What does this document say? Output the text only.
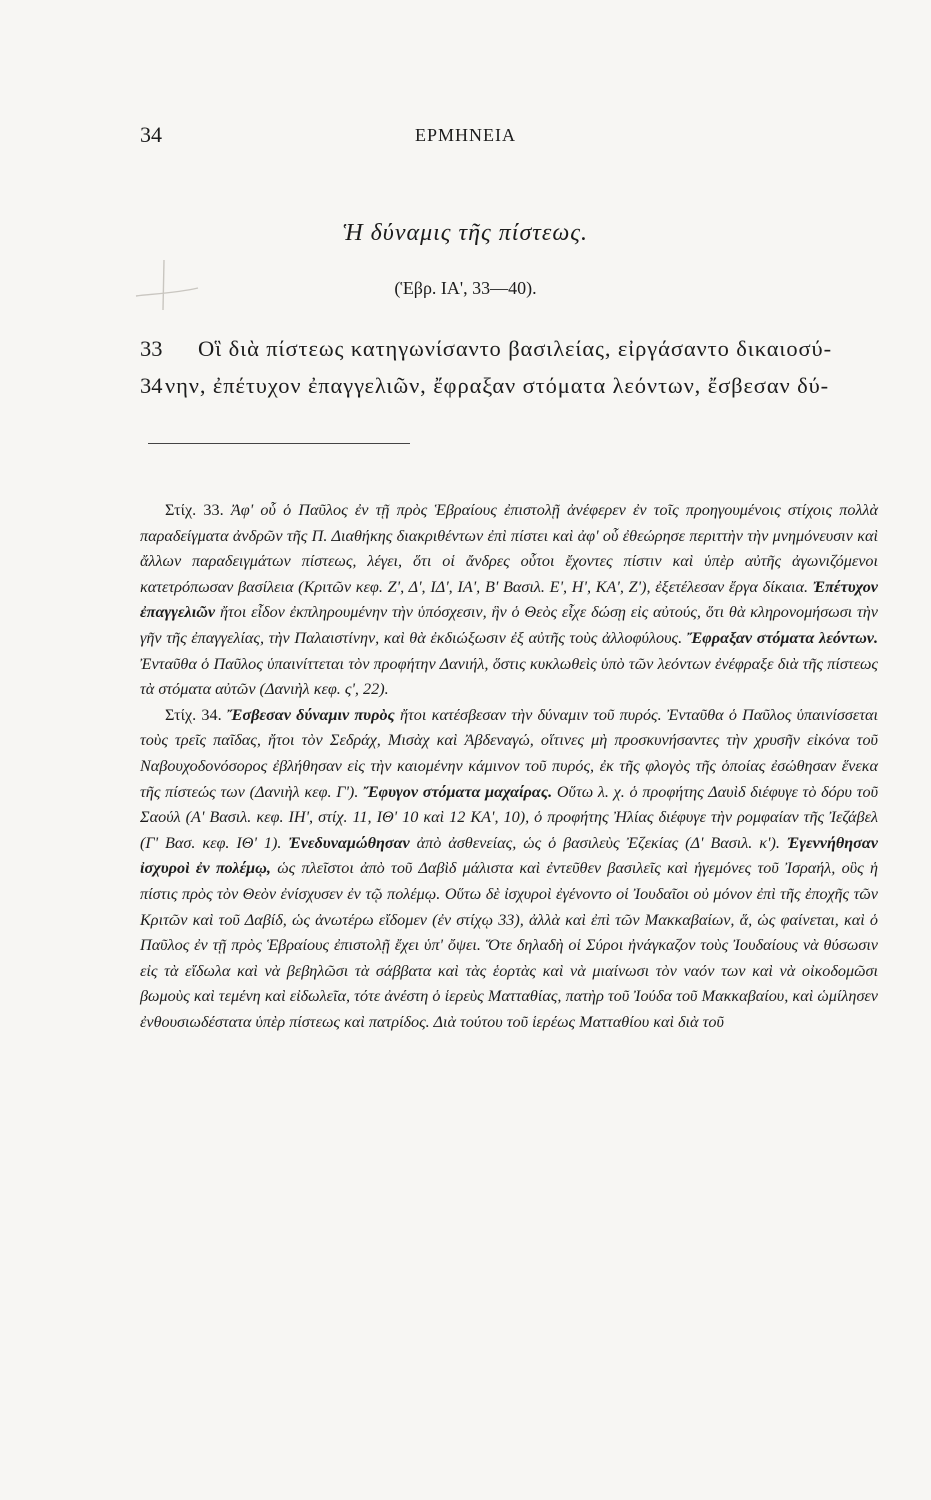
34	ΕΡΜΗΝΕΙΑ
Ἡ δύναμις τῆς πίστεως.
(Ἑβρ. ΙΑ', 33—40).
33 Οἳ διὰ πίστεως κατηγωνίσαντο βασιλείας, εἰργάσαντο δικαιοσύ-
34 νην, ἐπέτυχον ἐπαγγελιῶν, ἔφραξαν στόματα λεόντων, ἔσβεσαν δύ-

Στίχ. 33. Ἀφ' οὗ ὁ Παῦλος ἐν τῇ πρὸς Ἑβραίους ἐπιστολῇ ἀνέφερεν ἐν τοῖς προηγουμένοις στίχοις πολλὰ παραδείγματα ἀνδρῶν τῆς Π. Διαθήκης διακριθέντων ἐπὶ πίστει καὶ ἀφ' οὗ ἐθεώρησε περιττὴν τὴν μνημόνευσιν καὶ ἄλλων παραδειγμάτων πίστεως, λέγει, ὅτι οἱ ἄνδρες οὗτοι ἔχοντες πίστιν καὶ ὑπὲρ αὐτῆς ἀγωνιζόμενοι κατετρόπωσαν βασίλεια (Κριτῶν κεφ. Ζ', Δ', ΙΔ', ΙΑ', Β' Βασιλ. Ε', Η', ΚΑ', Ζ'), ἐξετέλεσαν ἔργα δίκαια. Ἐπέτυχον ἐπαγγελιῶν ἤτοι εἶδον ἐκπληρουμένην τὴν ὑπόσχεσιν, ἣν ὁ Θεὸς εἶχε δώσῃ εἰς αὐτούς, ὅτι θὰ κληρονομήσωσι τὴν γῆν τῆς ἐπαγγελίας, τὴν Παλαιστίνην, καὶ θὰ ἐκδιώξωσιν ἐξ αὐτῆς τοὺς ἀλλοφύλους. Ἔφραξαν στόματα λεόντων. Ἐνταῦθα ὁ Παῦλος ὑπαινίττεται τὸν προφήτην Δανιήλ, ὅστις κυκλωθεὶς ὑπὸ τῶν λεόντων ἐνέφραξε διὰ τῆς πίστεως τὰ στόματα αὐτῶν (Δανιὴλ κεφ. ς', 22).

Στίχ. 34. Ἔσβεσαν δύναμιν πυρὸς ἤτοι κατέσβεσαν τὴν δύναμιν τοῦ πυρός. Ἐνταῦθα ὁ Παῦλος ὑπαινίσσεται τοὺς τρεῖς παῖδας, ἤτοι τὸν Σεδράχ, Μισὰχ καὶ Ἀβδεναγώ, οἵτινες μὴ προσκυνήσαντες τὴν χρυσῆν εἰκόνα τοῦ Ναβουχοδονόσορος ἐβλήθησαν εἰς τὴν καιομένην κάμινον τοῦ πυρός, ἐκ τῆς φλογὸς τῆς ὁποίας ἐσώθησαν ἕνεκα τῆς πίστεώς των (Δανιὴλ κεφ. Γ'). Ἔφυγον στόματα μαχαίρας. Οὕτω λ. χ. ὁ προφήτης Δαυὶδ διέφυγε τὸ δόρυ τοῦ Σαούλ (Α' Βασιλ. κεφ. ΙΗ', στίχ. 11, ΙΘ' 10 καὶ 12 ΚΑ', 10), ὁ προφήτης Ἠλίας διέφυγε τὴν ρομφαίαν τῆς Ἰεζάβελ (Γ' Βασ. κεφ. ΙΘ' 1). Ἐνεδυναμώθησαν ἀπὸ ἀσθενείας, ὡς ὁ βασιλεὺς Ἐζεκίας (Δ' Βασιλ. κ'). Ἐγεννήθησαν ἰσχυροὶ ἐν πολέμῳ, ὡς πλεῖστοι ἀπὸ τοῦ Δαβὶδ μάλιστα καὶ ἐντεῦθεν βασιλεῖς καὶ ἡγεμόνες τοῦ Ἰσραήλ, οὓς ἡ πίστις πρὸς τὸν Θεὸν ἐνίσχυσεν ἐν τῷ πολέμῳ. Οὕτω δὲ ἰσχυροὶ ἐγένοντο οἱ Ἰουδαῖοι οὐ μόνον ἐπὶ τῆς ἐποχῆς τῶν Κριτῶν καὶ τοῦ Δαβίδ, ὡς ἀνωτέρω εἴδομεν (ἐν στίχῳ 33), ἀλλὰ καὶ ἐπὶ τῶν Μακκαβαίων, ἅ, ὡς φαίνεται, καὶ ὁ Παῦλος ἐν τῇ πρὸς Ἑβραίους ἐπιστολῇ ἔχει ὑπ' ὄψει. Ὅτε δηλαδὴ οἱ Σύροι ἠνάγκαζον τοὺς Ἰουδαίους νὰ θύσωσιν εἰς τὰ εἴδωλα καὶ νὰ βεβηλῶσι τὰ σάββατα καὶ τὰς ἑορτὰς καὶ νὰ μιαίνωσι τὸν ναόν των καὶ νὰ οἰκοδομῶσι βωμοὺς καὶ τεμένη καὶ εἰδωλεῖα, τότε ἀνέστη ὁ ἱερεὺς Ματταθίας, πατὴρ τοῦ Ἰούδα τοῦ Μακκαβαίου, καὶ ὡμίλησεν ἐνθουσιωδέστατα ὑπὲρ πίστεως καὶ πατρίδος. Διὰ τούτου τοῦ ἱερέως Ματταθίου καὶ διὰ τοῦ
